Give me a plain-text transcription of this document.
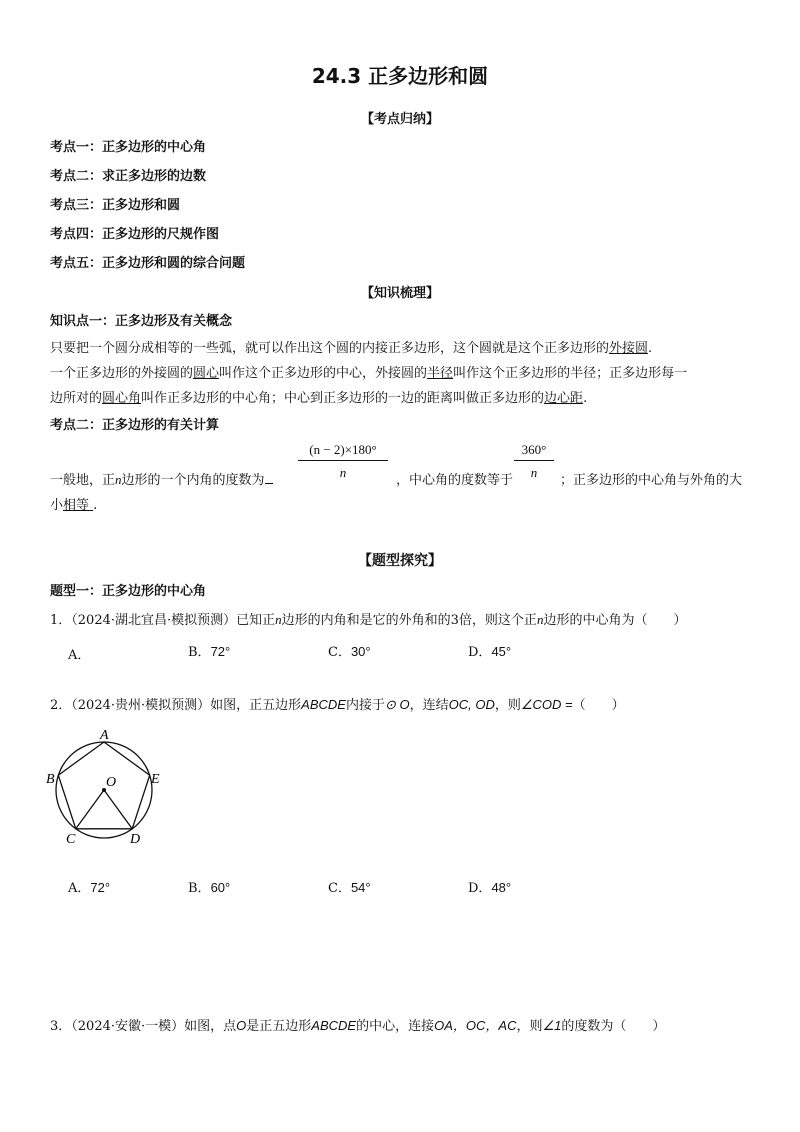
24.3 正多边形和圆
【考点归纳】
考点一：正多边形的中心角
考点二：求正多边形的边数
考点三：正多边形和圆
考点四：正多边形的尺规作图
考点五：正多边形和圆的综合问题
【知识梳理】
知识点一：正多边形及有关概念
只要把一个圆分成相等的一些弧，就可以作出这个圆的内接正多边形，这个圆就是这个正多边形的外接圆.
一个正多边形的外接圆的圆心叫作这个正多边形的中心，外接圆的半径叫作这个正多边形的半径；正多边形每一
边所对的圆心角叫作正多边形的中心角；中心到正多边形的一边的距离叫做正多边形的边心距.
考点二：正多边形的有关计算
$\frac{(n - 2)\times 180^\circ}{n}$	$\frac{360^\circ}{n}$
一般地，正n边形的一个内角的度数为	，中心角的度数等于	；正多边形的中心角与外角的大
小相等 .
【题型探究】
题型一：正多边形的中心角
1．（2024·湖北宜昌·模拟预测）已知正n边形的内角和是它的外角和的3倍，则这个正n边形的中心角为（　　）
A．	B．72°	C．30°	D．45°
2．（2024·贵州·模拟预测）如图，正五边形ABCDE内接于⊙ O，连结OC, OD，则∠COD =（　　）
A
B
C	D
E
O
A．72°	B．60°	C．54°	D．48°
3．（2024·安徽·一模）如图，点O是正五边形ABCDE的中心，连接OA，OC，AC，则∠1的度数为（　　）
